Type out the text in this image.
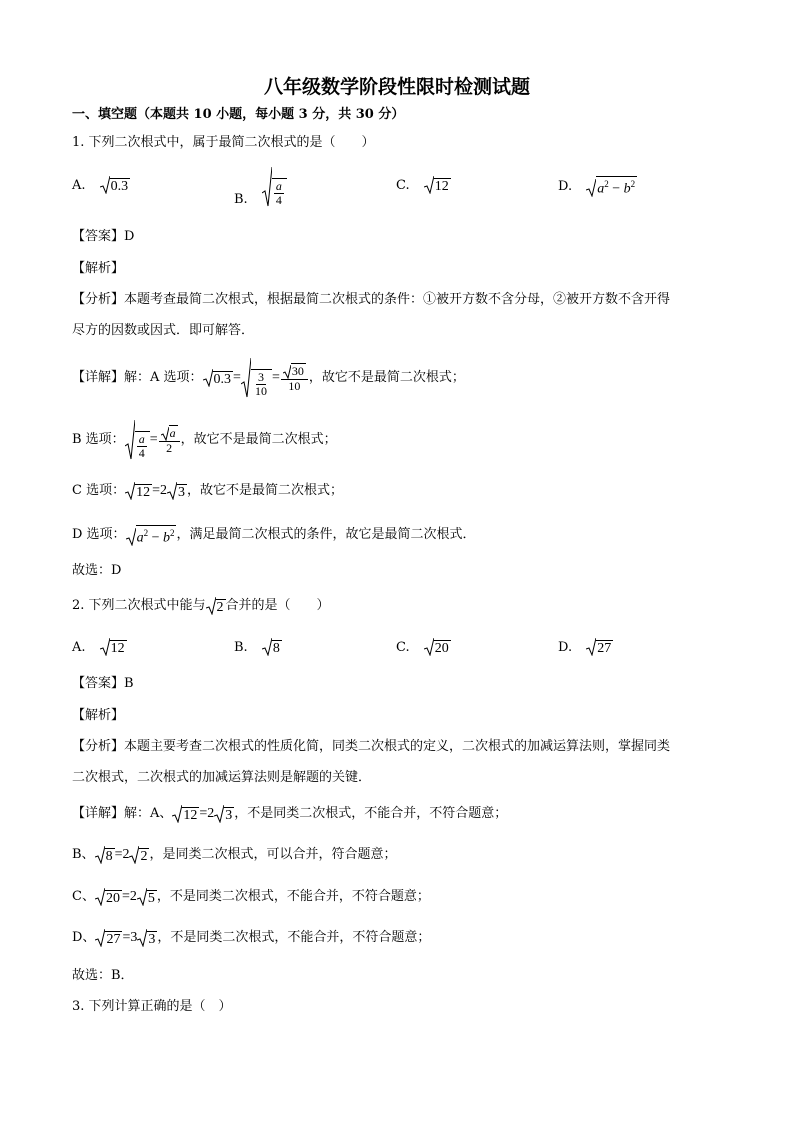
八年级数学阶段性限时检测试题
一、填空题（本题共 10 小题，每小题 3 分，共 30 分）
1. 下列二次根式中，属于最简二次根式的是（　　）
A. 0.3
B. $\frac{a}{4}$	C. 12	D. $a^2 - b^2$
【答案】D
【解析】
【分析】本题考查最简二次根式，根据最简二次根式的条件：①被开方数不含分母，②被开方数不含开得
尽方的因数或因式．即可解答．
【详解】解：A 选项： $0.3 = \frac{3}{10} = \frac{30}{10}$ ，故它不是最简二次根式；
B 选项： $\frac{a}{4} = \frac{a}{2}$ ，故它不是最简二次根式；
C 选项： 12 = 2 3 ，故它不是最简二次根式；
D 选项： $a^2 - b^2$ ，满足最简二次根式的条件，故它是最简二次根式．
故选：D
2. 下列二次根式中能与 2 合并的是（　　）
A. 12	B. 8	C. 20	D. 27
【答案】B
【解析】
【分析】本题主要考查二次根式的性质化简，同类二次根式的定义，二次根式的加减运算法则，掌握同类
二次根式，二次根式的加减运算法则是解题的关键．
【详解】解：A、 12 = 2 3 ，不是同类二次根式，不能合并，不符合题意；
B、 8 = 2 2 ，是同类二次根式，可以合并，符合题意；
C、 20 = 2 5 ，不是同类二次根式，不能合并，不符合题意；
D、 27 = 3 3 ，不是同类二次根式，不能合并，不符合题意；
故选：B．
3. 下列计算正确的是（　）
